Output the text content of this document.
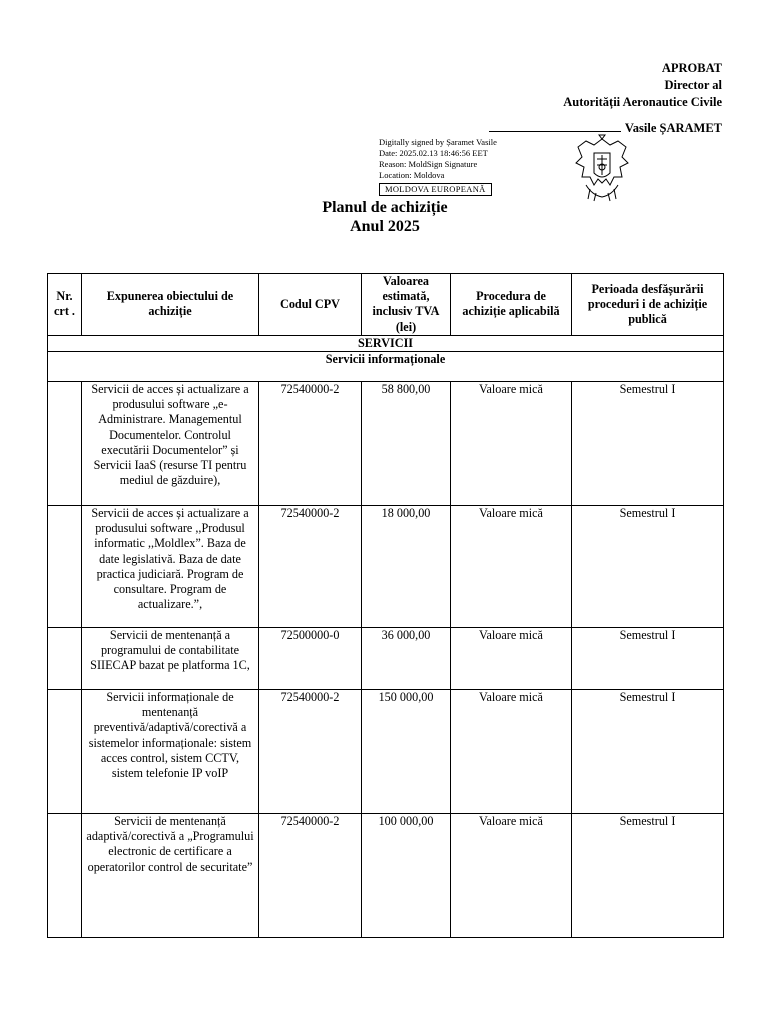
APROBAT
Director al
Autorității Aeronautice Civile
Vasile ȘARAMET
Digitally signed by Șaramet Vasile
Date: 2025.02.13 18:46:56 EET
Reason: MoldSign Signature
Location: Moldova
MOLDOVA EUROPEANĂ
Planul de achiziție
Anul 2025
Nr. crt .	Expunerea obiectului de achiziție	Codul CPV	Valoarea estimată, inclusiv TVA (lei)	Procedura de achiziție aplicabilă	Perioada desfășurării proceduri i de achiziție publică
SERVICII					
Servicii informaționale					
	Servicii de acces și actualizare a produsului software „e-Administrare. Managementul Documentelor. Controlul executării Documentelor” și Servicii IaaS (resurse TI pentru mediul de găzduire),	72540000-2	58 800,00	Valoare mică	Semestrul I
	Servicii de acces și actualizare a produsului software ,,Produsul informatic ,,Moldlex”. Baza de date legislativă. Baza de date practica judiciară. Program de consultare. Program de actualizare.”,	72540000-2	18 000,00	Valoare mică	Semestrul I
	Servicii de mentenanță a programului de contabilitate SIIECAP bazat pe platforma 1C,	72500000-0	36 000,00	Valoare mică	Semestrul I
	Servicii informaționale de mentenanță preventivă/adaptivă/corectivă a sistemelor informaționale: sistem acces control, sistem CCTV, sistem telefonie IP voIP	72540000-2	150 000,00	Valoare mică	Semestrul I
	Servicii de mentenanță adaptivă/corectivă a „Programului electronic de certificare a operatorilor control de securitate”	72540000-2	100 000,00	Valoare mică	Semestrul I
